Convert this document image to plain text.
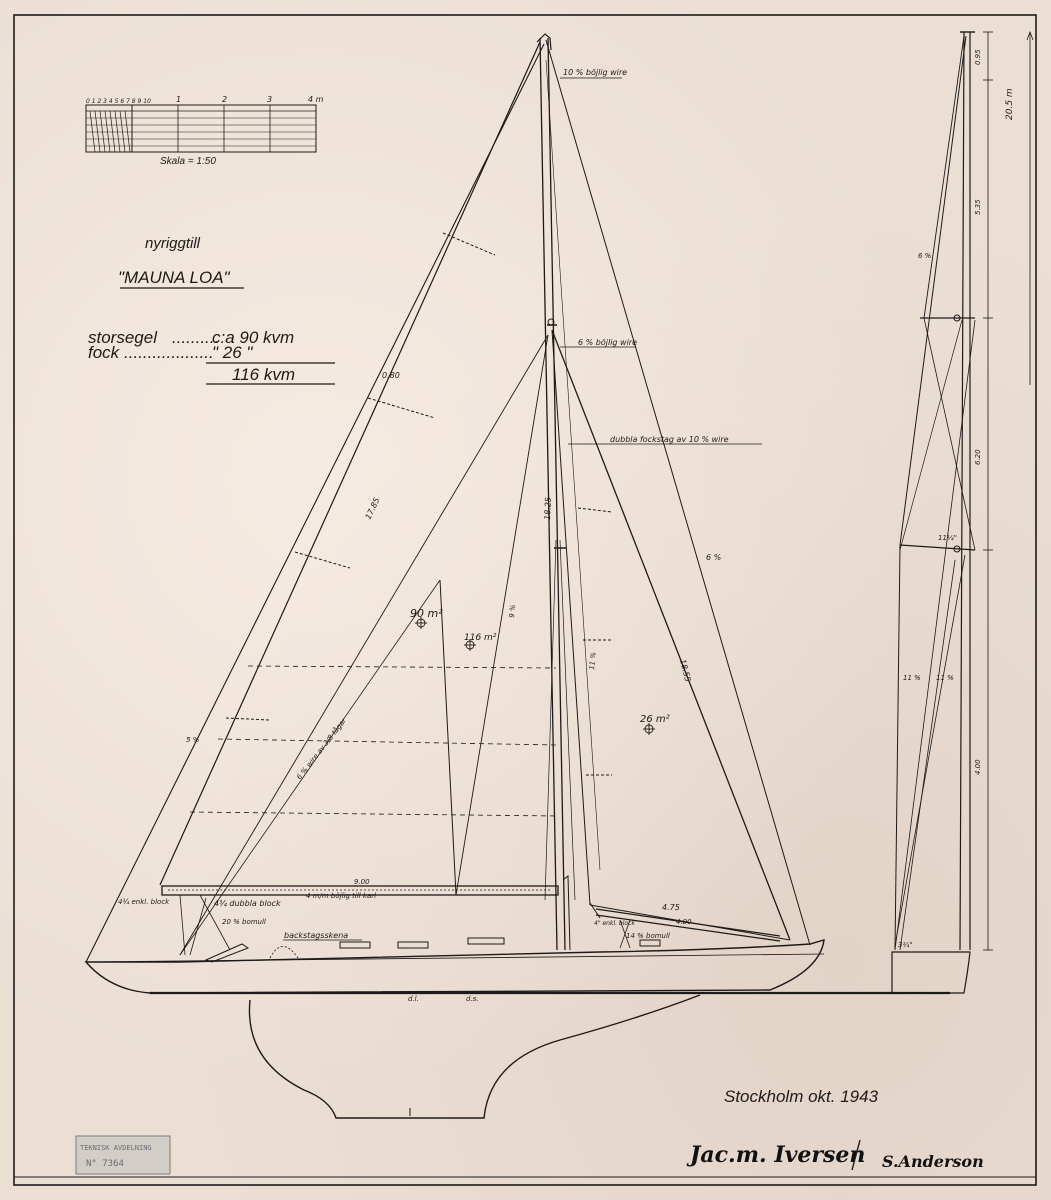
0 1 2 3 4 5 6 7 8 9 10	1	2	3	4 m
Skala = 1:50
nyriggtill
"MAUNA LOA"
storsegel ..........
c:a 90 kvm
fock ...................
" 26 "
116 kvm
10 % böjlig wire
6 % böjlig wire
dubbla fockstag av 10 % wire
6 %
90 m²
116 m²
26 m²
18.25
17.85
18.55
0.80
6 % wire av 3/8 tågar
9.00
4 m/m böjlig till karl
4¾ enkl. block	4¾ dubbla block
20 % bomull
backstagsskena
4.75
4.00
4" enkl. block
14 % bomull
d.l.	d.s.
5 %
9 %
11 %
20.5 m
0.95
5.35
6.20
4.00
6 %
11¼"
11 % 11 %
3¼"
Stockholm okt. 1943
Jac.m. Iversen S.Anderson
TEKNISK AVDELNING
N° 7364
